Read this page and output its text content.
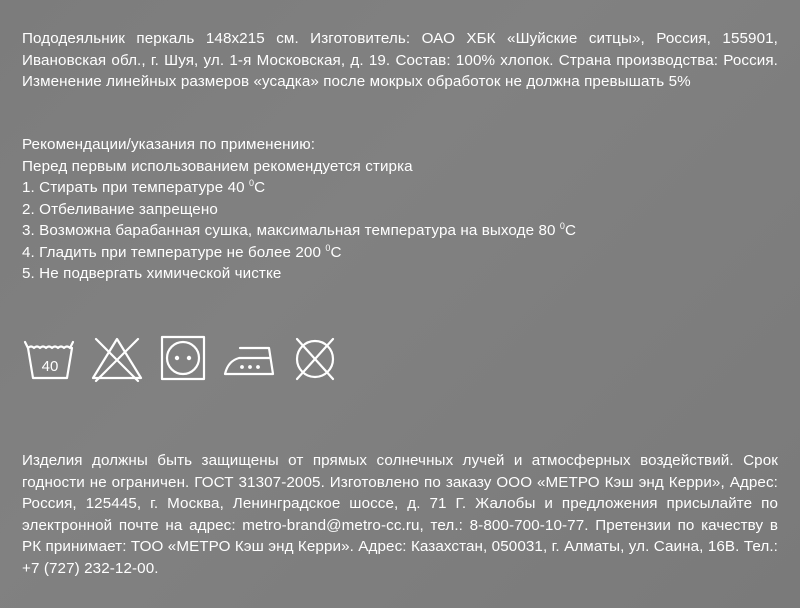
Пододеяльник перкаль 148х215 см. Изготовитель: ОАО ХБК «Шуйские ситцы», Россия, 155901, Ивановская обл., г. Шуя, ул. 1-я Московская, д. 19. Состав: 100% хлопок. Страна производства: Россия. Изменение линейных размеров «усадка» после мокрых обработок не должна превышать 5%
Рекомендации/указания по применению:
Перед первым использованием рекомендуется стирка
1. Стирать при температуре 40 $^0$С
2. Отбеливание запрещено
3. Возможна барабанная сушка, максимальная температура на выходе 80 $^0$С
4. Гладить при температуре не более 200 $^0$С
5. Не подвергать химической чистке
40
Изделия должны быть защищены от прямых солнечных лучей и атмосферных воздействий. Срок годности не ограничен. ГОСТ 31307-2005. Изготовлено по заказу ООО «МЕТРО Кэш энд Керри», Адрес: Россия, 125445, г. Москва, Ленинградское шоссе, д. 71 Г. Жалобы и предложения присылайте по электронной почте на адрес: metro-brand@metro-cc.ru, тел.: 8-800-700-10-77. Претензии по качеству в РК принимает: ТОО «МЕТРО Кэш энд Керри». Адрес: Казахстан, 050031, г. Алматы, ул. Саина, 16В. Тел.: +7 (727) 232-12-00.
